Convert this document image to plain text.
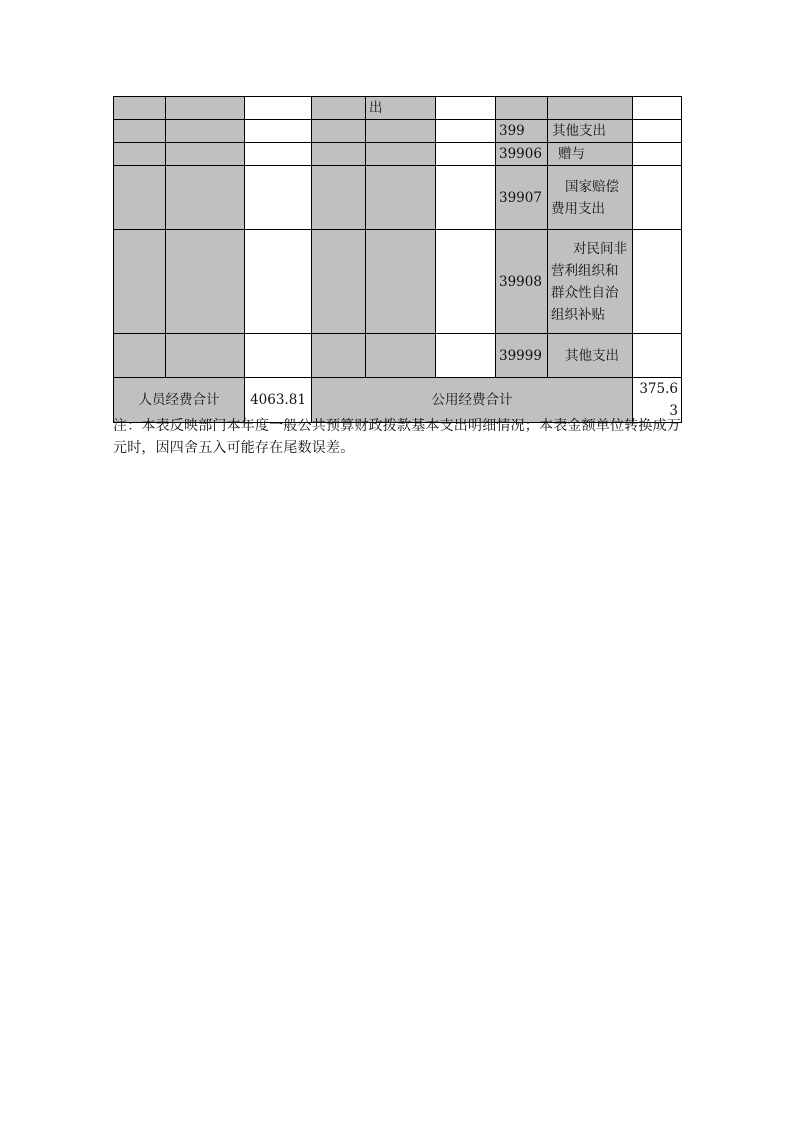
				出				
						399	其他支出	
						39906	赠与	
						39907	国家赔偿费用支出	
						39908	对民间非营利组织和群众性自治组织补贴	
						39999	其他支出	
人员经费合计		4063.81	公用经费合计					375.63
注：本表反映部门本年度一般公共预算财政拨款基本支出明细情况；本表金额单位转换成万元时，因四舍五入可能存在尾数误差。
